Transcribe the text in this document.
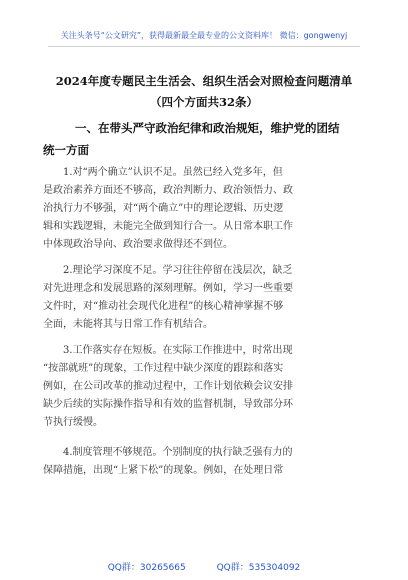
关注头条号“公文研究”，获得最新最全最专业的公文资料库！ 微信：gongwenyj
2024年度专题民主生活会、组织生活会对照检查问题清单
（四个方面共32条）
一、在带头严守政治纪律和政治规矩，维护党的团结
统一方面
1.对“两个确立”认识不足。虽然已经入党多年，但
是政治素养方面还不够高，政治判断力、政治领悟力、政
治执行力不够强，对“两个确立”中的理论逻辑、历史逻
辑和实践逻辑，未能完全做到知行合一。从日常本职工作
中体现政治导向、政治要求做得还不到位。
2.理论学习深度不足。学习往往停留在浅层次，缺乏
对先进理念和发展思路的深刻理解。例如，学习一些重要
文件时，对“推动社会现代化进程”的核心精神掌握不够
全面，未能将其与日常工作有机结合。
3.工作落实存在短板。在实际工作推进中，时常出现
“按部就班”的现象，工作过程中缺少深度的跟踪和落实
例如，在公司改革的推动过程中，工作计划依赖会议安排
缺少后续的实际操作指导和有效的监督机制，导致部分环
节执行缓慢。
4.制度管理不够规范。个别制度的执行缺乏强有力的
保障措施，出现“上紧下松”的现象。例如，在处理日常
QQ群：30265665	QQ群：535304092
